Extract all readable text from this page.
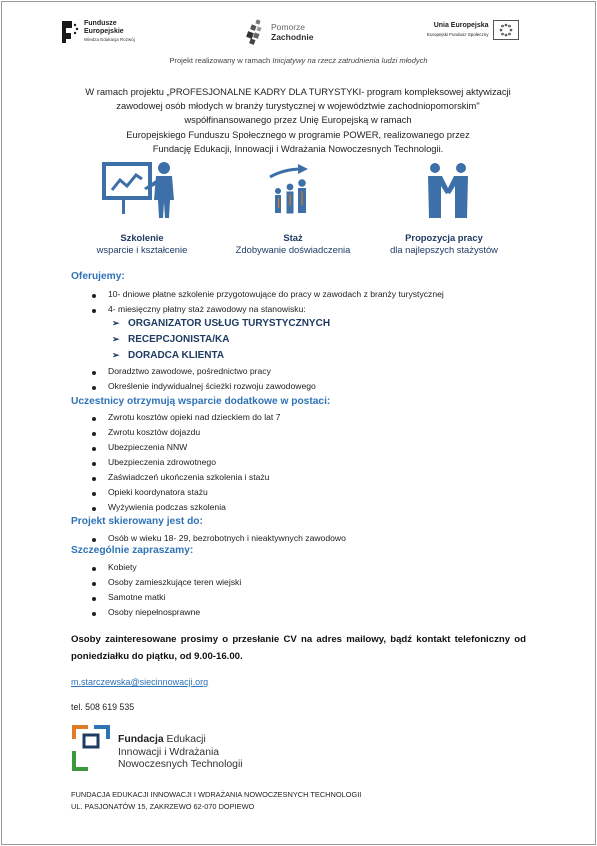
Fundusze
Europejskie
Wiedza Edukacja Rozwój
Pomorze
Zachodnie
Unia Europejska
Europejski Fundusz Społeczny
Projekt realizowany w ramach Inicjatywy na rzecz zatrudnienia ludzi młodych
W ramach projektu „PROFESJONALNE KADRY DLA TURYSTYKI- program kompleksowej aktywizacji
zawodowej osób młodych w branży turystycznej w województwie zachodniopomorskim"
współfinansowanego przez Unię Europejską w ramach
Europejskiego Funduszu Społecznego w programie POWER, realizowanego przez
Fundację Edukacji, Innowacji i Wdrażania Nowoczesnych Technologii.
Szkolenie
wsparcie i kształcenie
Staż
Zdobywanie doświadczenia
Propozycja pracy
dla najlepszych stażystów
Oferujemy:
10- dniowe płatne szkolenie przygotowujące do pracy w zawodach z branży turystycznej
4- miesięczny płatny staż zawodowy na stanowisku:
➢ ORGANIZATOR USŁUG TURYSTYCZNYCH
➢ RECEPCJONISTA/KA
➢ DORADCA KLIENTA
Doradztwo zawodowe, pośrednictwo pracy
Określenie indywidualnej ścieżki rozwoju zawodowego
Uczestnicy otrzymują wsparcie dodatkowe w postaci:
Zwrotu kosztów opieki nad dzieckiem do lat 7
Zwrotu kosztów dojazdu
Ubezpieczenia NNW
Ubezpieczenia zdrowotnego
Zaświadczeń ukończenia szkolenia i stażu
Opieki koordynatora stażu
Wyżywienia podczas szkolenia
Projekt skierowany jest do:
Osób w wieku 18- 29, bezrobotnych i nieaktywnych zawodowo
Szczególnie zapraszamy:
Kobiety
Osoby zamieszkujące teren wiejski
Samotne matki
Osoby niepełnosprawne
Osoby zainteresowane prosimy o przesłanie CV na adres mailowy, bądź kontakt telefoniczny od poniedziałku do piątku, od 9.00-16.00.
m.starczewska@siecinnowacji.org
tel. 508 619 535
Fundacja Edukacji
Innowacji i Wdrażania
Nowoczesnych Technologii
FUNDACJA EDUKACJI INNOWACJI I WDRAŻANIA NOWOCZESNYCH TECHNOLOGII
UL. PASJONATÓW 15, ZAKRZEWO 62-070 DOPIEWO
